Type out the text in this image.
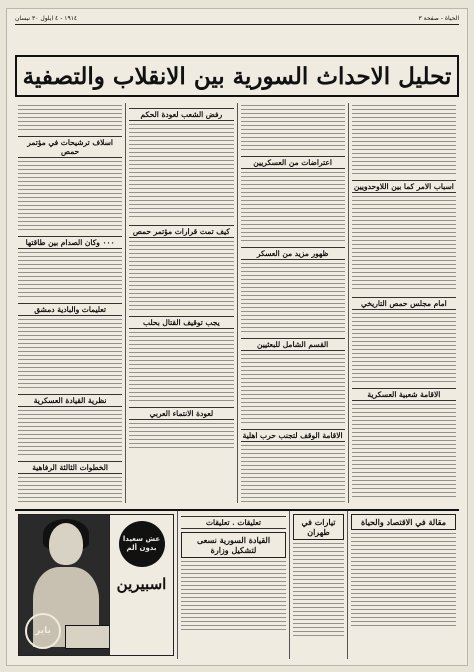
الحياة - صفحة ٣
١٩١٤ - ٤ ايلول ٣٠ نيسان
تحليل الاحداث السورية بين الانقلاب والتصفية
اسباب الامر كما بين اللاوحدويين
امام مجلس حمص التاريخي
الاقامة شعبية العسكرية
اعتراضات من العسكريين
ظهور مزيد من العسكر
القسم الشامل للبعثيين
الاقامة الوقف لتجنب حرب اهلية
رفض الشعب لعودة الحكم
كيف تمت قرارات مؤتمر حمص
يجب توقيف القتال بحلب
لعودة الانتماء العربي
اسلاف ترشيحات في مؤتمر حمص
٠٠٠ وكان الصدام بين طاقتها
تعليمات والبادية دمشق
نظرية القيادة العسكرية
الخطوات الثالثة الرفاهية
مقالة في الاقتصاد والحياة
تيارات في طهران
تعليقات . تعليقات
القيادة السورية نسعى لتشكيل وزارة
باير
عش سعيدا بدون ألم
اسبيرين
